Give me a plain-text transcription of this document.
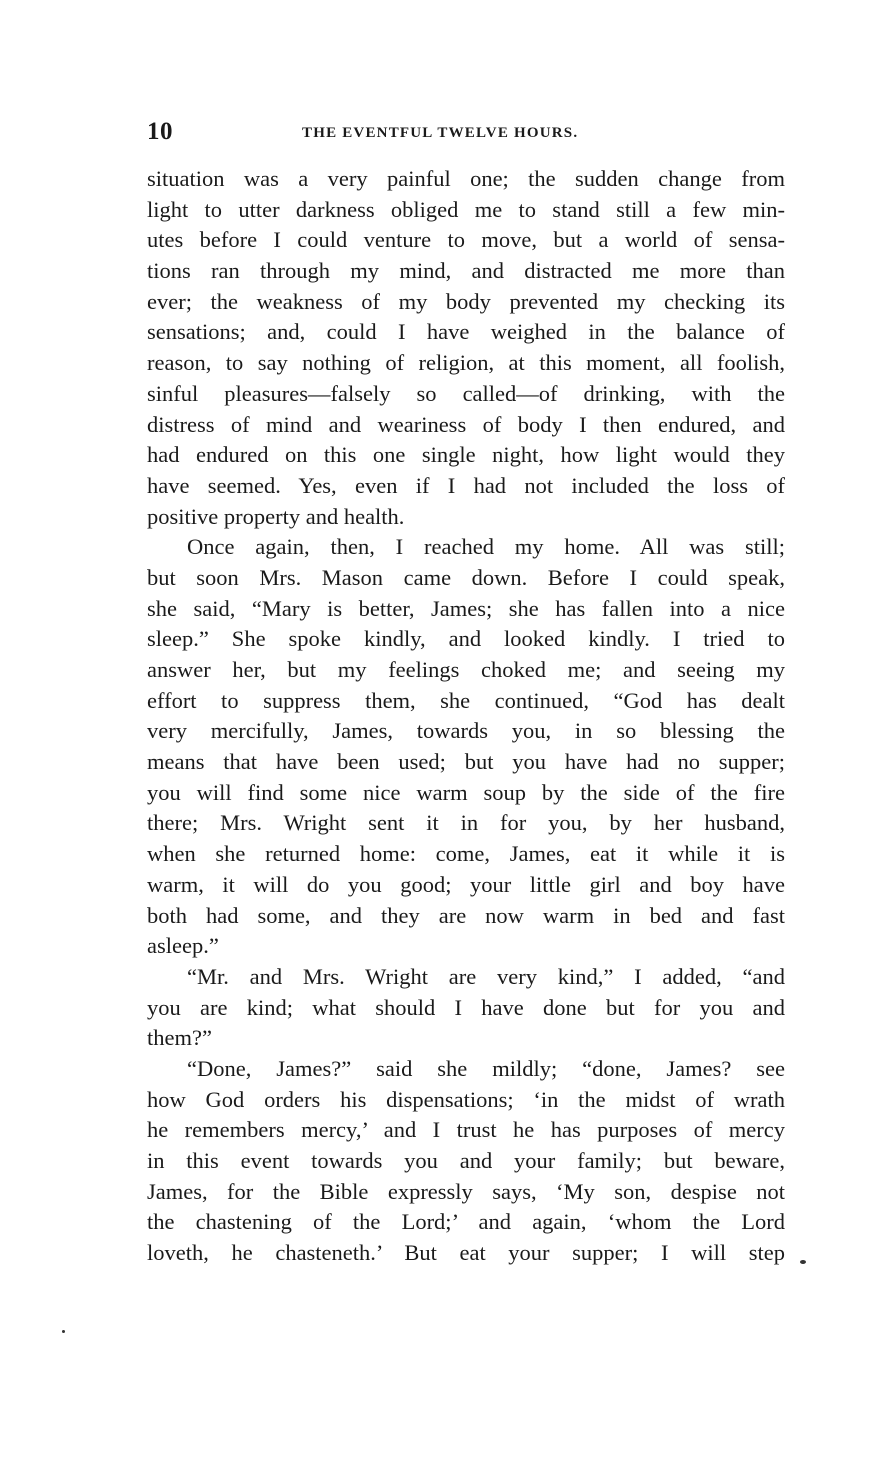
10	THE EVENTFUL TWELVE HOURS.
situation was a very painful one; the sudden change from
light to utter darkness obliged me to stand still a few min-
utes before I could venture to move, but a world of sensa-
tions ran through my mind, and distracted me more than
ever; the weakness of my body prevented my checking its
sensations; and, could I have weighed in the balance of
reason, to say nothing of religion, at this moment, all foolish,
sinful pleasures—falsely so called—of drinking, with the
distress of mind and weariness of body I then endured, and
had endured on this one single night, how light would they
have seemed. Yes, even if I had not included the loss of
positive property and health.
Once again, then, I reached my home. All was still;
but soon Mrs. Mason came down. Before I could speak,
she said, “Mary is better, James; she has fallen into a nice
sleep.” She spoke kindly, and looked kindly. I tried to
answer her, but my feelings choked me; and seeing my
effort to suppress them, she continued, “God has dealt
very mercifully, James, towards you, in so blessing the
means that have been used; but you have had no supper;
you will find some nice warm soup by the side of the fire
there; Mrs. Wright sent it in for you, by her husband,
when she returned home: come, James, eat it while it is
warm, it will do you good; your little girl and boy have
both had some, and they are now warm in bed and fast
asleep.”
“Mr. and Mrs. Wright are very kind,” I added, “and
you are kind; what should I have done but for you and
them?”
“Done, James?” said she mildly; “done, James? see
how God orders his dispensations; ‘in the midst of wrath
he remembers mercy,’ and I trust he has purposes of mercy
in this event towards you and your family; but beware,
James, for the Bible expressly says, ‘My son, despise not
the chastening of the Lord;’ and again, ‘whom the Lord
loveth, he chasteneth.’ But eat your supper; I will step
